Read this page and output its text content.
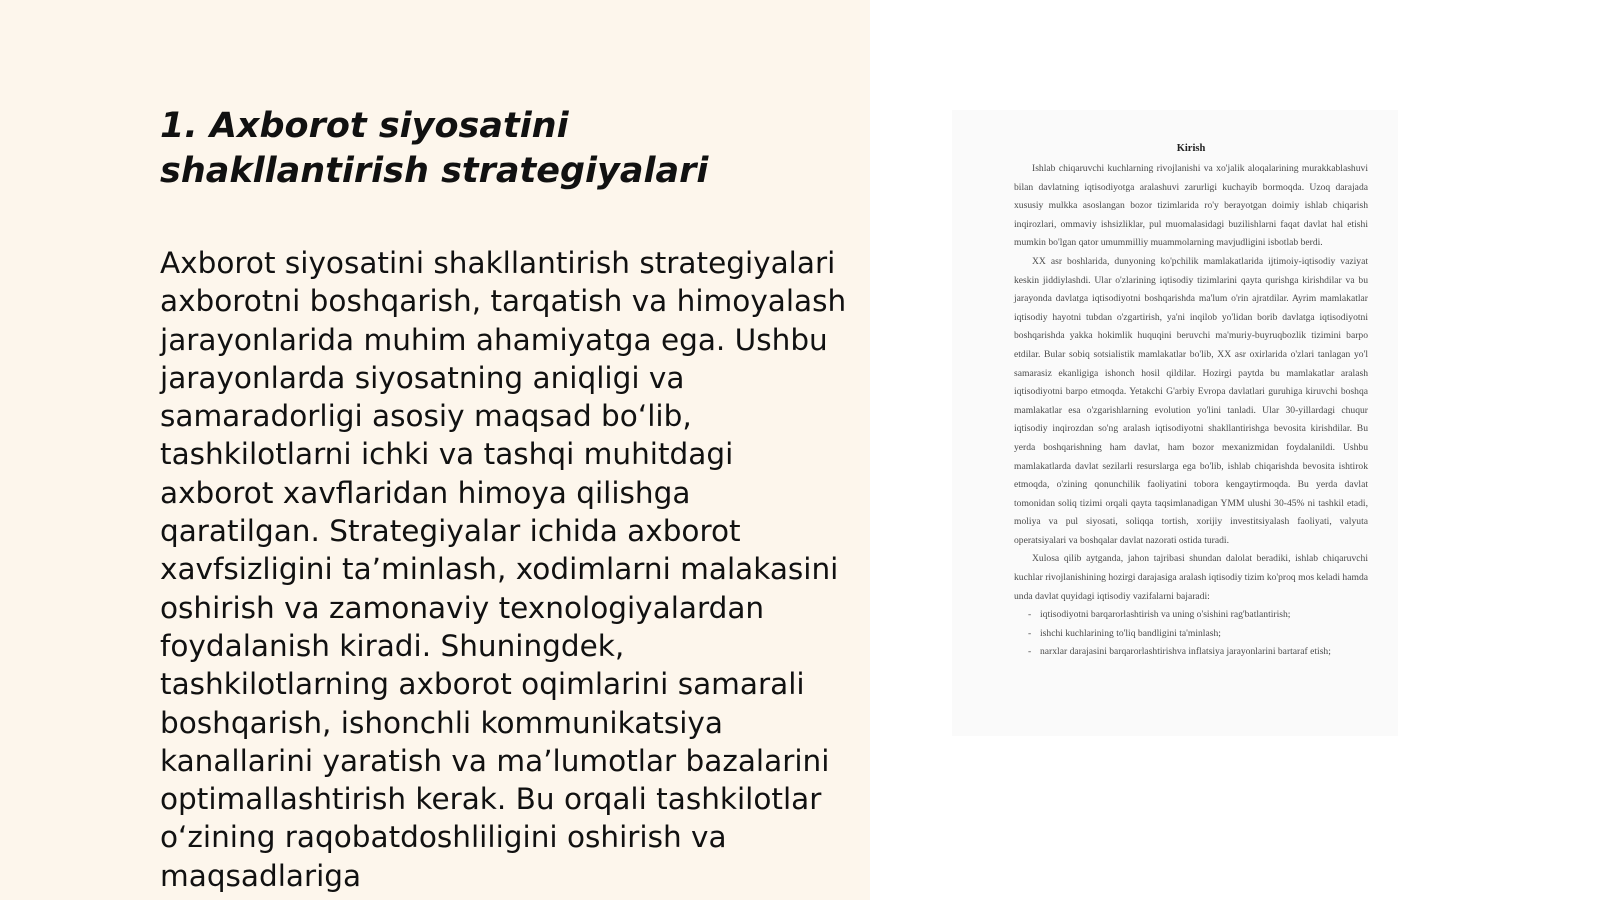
1. Axborot siyosatini shakllantirish strategiyalari

Axborot siyosatini shakllantirish strategiyalari axborotni boshqarish, tarqatish va himoyalash jarayonlarida muhim ahamiyatga ega. Ushbu jarayonlarda siyosatning aniqligi va samaradorligi asosiy maqsad bo‘lib, tashkilotlarni ichki va tashqi muhitdagi axborot xavflaridan himoya qilishga qaratilgan. Strategiyalar ichida axborot xavfsizligini ta’minlash, xodimlarni malakasini oshirish va zamonaviy texnologiyalardan foydalanish kiradi. Shuningdek, tashkilotlarning axborot oqimlarini samarali boshqarish, ishonchli kommunikatsiya kanallarini yaratish va ma’lumotlar bazalarini optimallashtirish kerak. Bu orqali tashkilotlar o‘zining raqobatdoshliligini oshirish va maqsadlariga

Kirish

Ishlab chiqaruvchi kuchlarning rivojlanishi va xo'jalik aloqalarining murakkablashuvi bilan davlatning iqtisodiyotga aralashuvi zarurligi kuchayib bormoqda. Uzoq darajada xususiy mulkka asoslangan bozor tizimlarida ro'y berayotgan doimiy ishlab chiqarish inqirozlari, ommaviy ishsizliklar, pul muomalasidagi buzilishlarni faqat davlat hal etishi mumkin bo'lgan qator umummilliy muammolarning mavjudligini isbotlab berdi.

XX asr boshlarida, dunyoning ko'pchilik mamlakatlarida ijtimoiy-iqtisodiy vaziyat keskin jiddiylashdi. Ular o'zlarining iqtisodiy tizimlarini qayta qurishga kirishdilar va bu jarayonda davlatga iqtisodiyotni boshqarishda ma'lum o'rin ajratdilar. Ayrim mamlakatlar iqtisodiy hayotni tubdan o'zgartirish, ya'ni inqilob yo'lidan borib davlatga iqtisodiyotni boshqarishda yakka hokimlik huquqini beruvchi ma'muriy-buyruqbozlik tizimini barpo etdilar. Bular sobiq sotsialistik mamlakatlar bo'lib, XX asr oxirlarida o'zlari tanlagan yo'l samarasiz ekanligiga ishonch hosil qildilar. Hozirgi paytda bu mamlakatlar aralash iqtisodiyotni barpo etmoqda. Yetakchi G'arbiy Evropa davlatlari guruhiga kiruvchi boshqa mamlakatlar esa o'zgarishlarning evolution yo'lini tanladi. Ular 30-yillardagi chuqur iqtisodiy inqirozdan so'ng aralash iqtisodiyotni shakllantirishga bevosita kirishdilar. Bu yerda boshqarishning ham davlat, ham bozor mexanizmidan foydalanildi. Ushbu mamlakatlarda davlat sezilarli resurslarga ega bo'lib, ishlab chiqarishda bevosita ishtirok etmoqda, o'zining qonunchilik faoliyatini tobora kengaytirmoqda. Bu yerda davlat tomonidan soliq tizimi orqali qayta taqsimlanadigan YMM ulushi 30-45% ni tashkil etadi, moliya va pul siyosati, soliqqa tortish, xorijiy investitsiyalash faoliyati, valyuta operatsiyalari va boshqalar davlat nazorati ostida turadi.

Xulosa qilib aytganda, jahon tajribasi shundan dalolat beradiki, ishlab chiqaruvchi kuchlar rivojlanishining hozirgi darajasiga aralash iqtisodiy tizim ko'proq mos keladi hamda unda davlat quyidagi iqtisodiy vazifalarni bajaradi:

- iqtisodiyotni barqarorlashtirish va uning o'sishini rag'batlantirish;
- ishchi kuchlarining to'liq bandligini ta'minlash;
- narxlar darajasini barqarorlashtirishva inflatsiya jarayonlarini bartaraf etish;
